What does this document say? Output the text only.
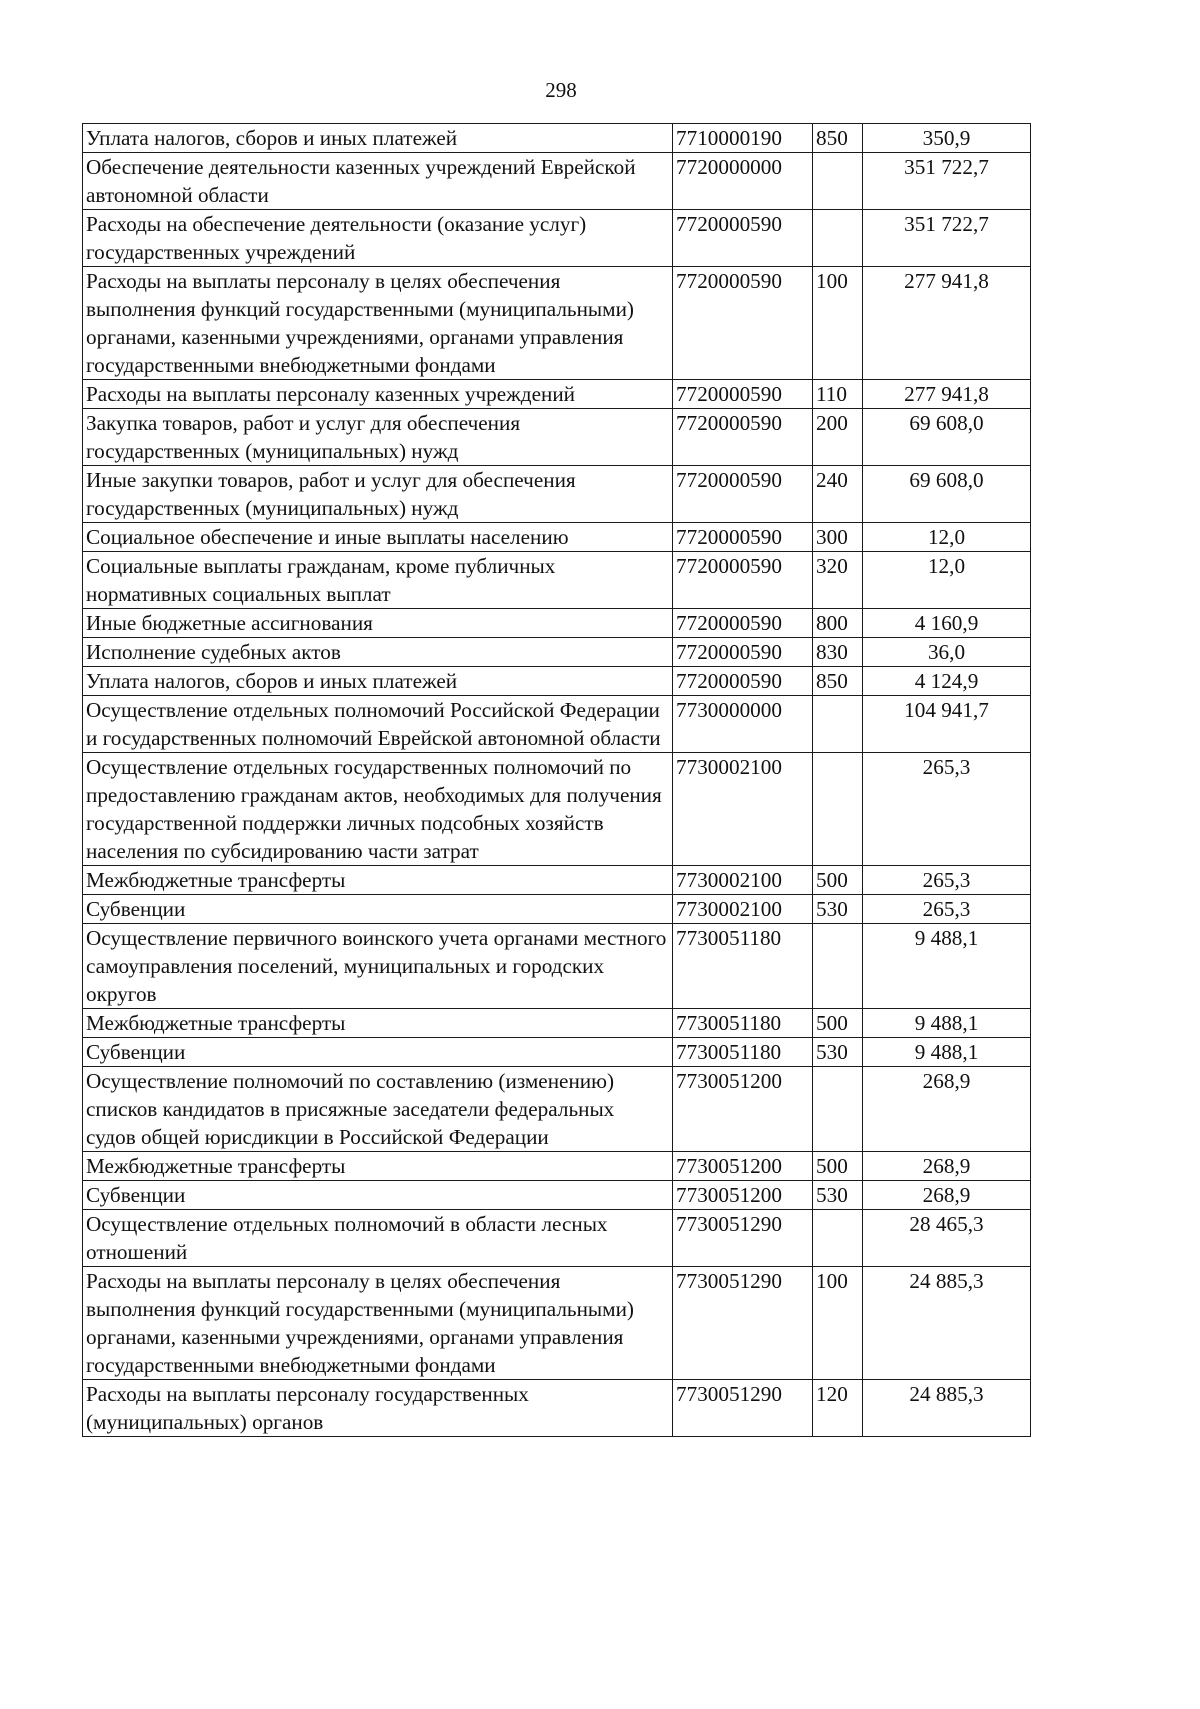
298
Уплата налогов, сборов и иных платежей	7710000190	850	350,9
Обеспечение деятельности казенных учреждений Еврейской автономной области	7720000000		351 722,7
Расходы на обеспечение деятельности (оказание услуг) государственных учреждений	7720000590		351 722,7
Расходы на выплаты персоналу в целях обеспечения выполнения функций государственными (муниципальными) органами, казенными учреждениями, органами управления государственными внебюджетными фондами	7720000590	100	277 941,8
Расходы на выплаты персоналу казенных учреждений	7720000590	110	277 941,8
Закупка товаров, работ и услуг для обеспечения государственных (муниципальных) нужд	7720000590	200	69 608,0
Иные закупки товаров, работ и услуг для обеспечения государственных (муниципальных) нужд	7720000590	240	69 608,0
Социальное обеспечение и иные выплаты населению	7720000590	300	12,0
Социальные выплаты гражданам, кроме публичных нормативных социальных выплат	7720000590	320	12,0
Иные бюджетные ассигнования	7720000590	800	4 160,9
Исполнение судебных актов	7720000590	830	36,0
Уплата налогов, сборов и иных платежей	7720000590	850	4 124,9
Осуществление отдельных полномочий Российской Федерации и государственных полномочий Еврейской автономной области	7730000000		104 941,7
Осуществление отдельных государственных полномочий по предоставлению гражданам актов, необходимых для получения государственной поддержки личных подсобных хозяйств населения по субсидированию части затрат	7730002100		265,3
Межбюджетные трансферты	7730002100	500	265,3
Субвенции	7730002100	530	265,3
Осуществление первичного воинского учета органами местного самоуправления поселений, муниципальных и городских округов	7730051180		9 488,1
Межбюджетные трансферты	7730051180	500	9 488,1
Субвенции	7730051180	530	9 488,1
Осуществление полномочий по составлению (изменению) списков кандидатов в присяжные заседатели федеральных судов общей юрисдикции в Российской Федерации	7730051200		268,9
Межбюджетные трансферты	7730051200	500	268,9
Субвенции	7730051200	530	268,9
Осуществление отдельных полномочий в области лесных отношений	7730051290		28 465,3
Расходы на выплаты персоналу в целях обеспечения выполнения функций государственными (муниципальными) органами, казенными учреждениями, органами управления государственными внебюджетными фондами	7730051290	100	24 885,3
Расходы на выплаты персоналу государственных (муниципальных) органов	7730051290	120	24 885,3
